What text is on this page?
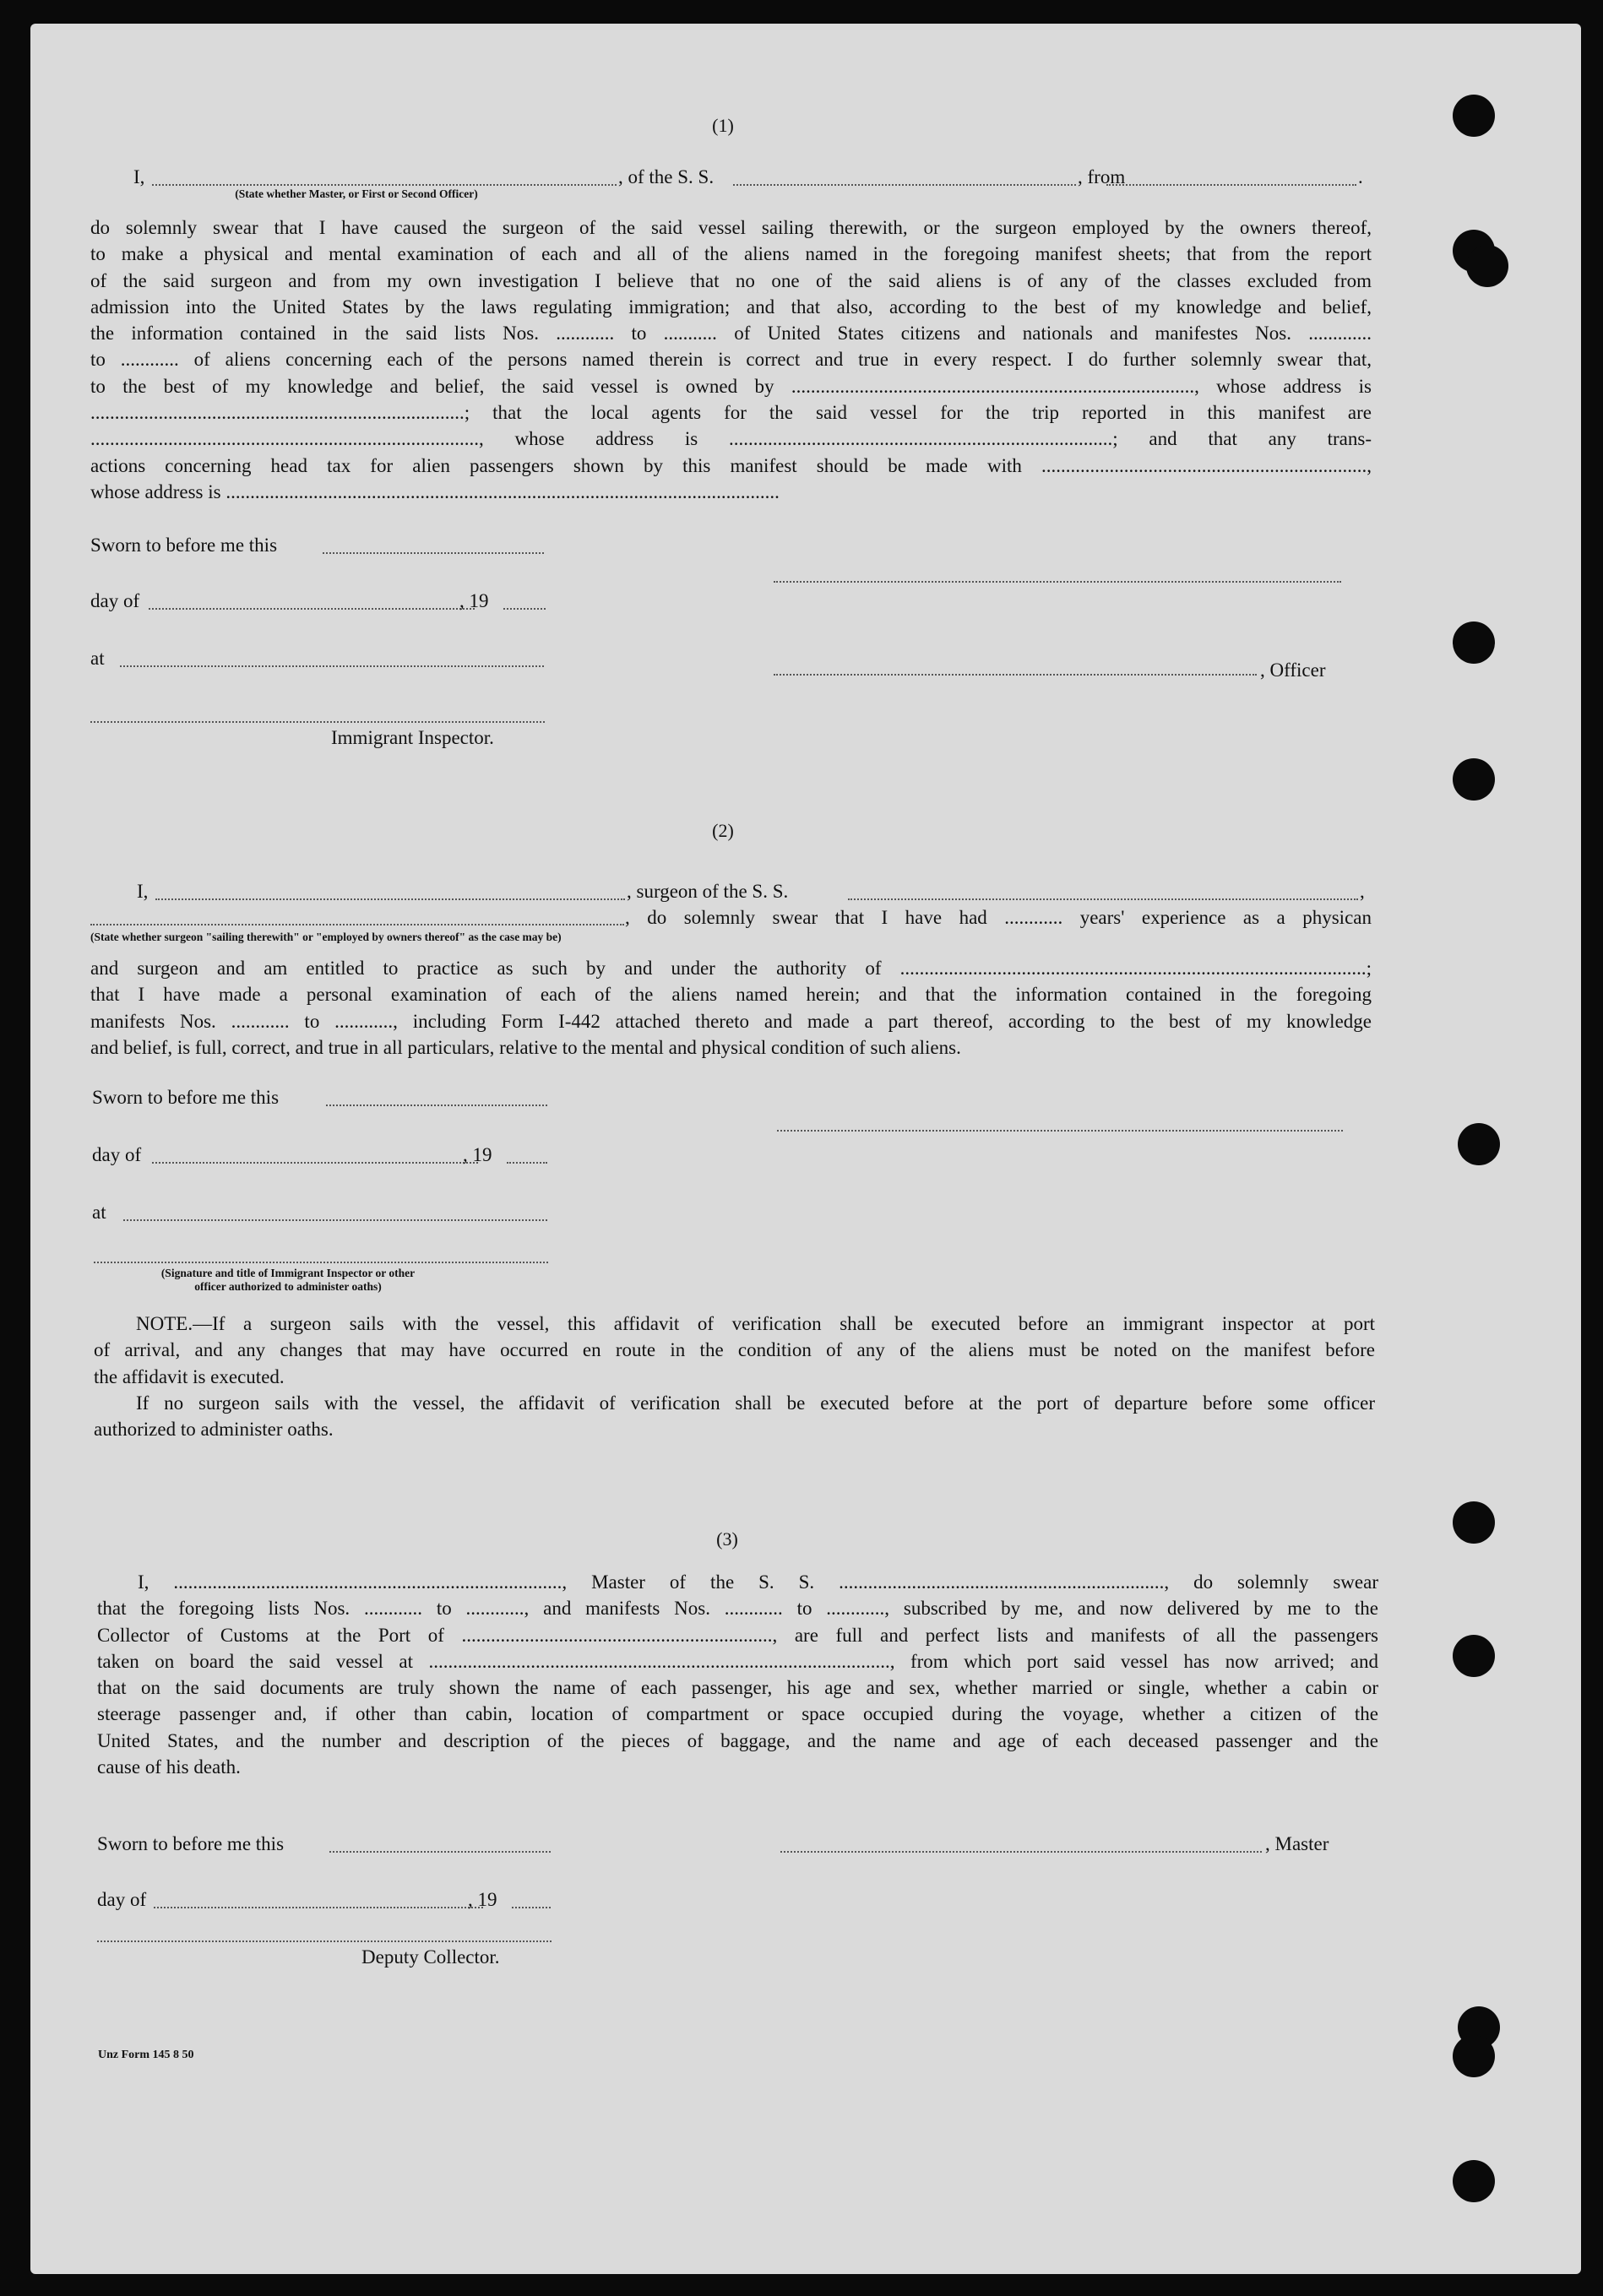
(1)
I,	, of the S. S.	, from	.
(State whether Master, or First or Second Officer)
do solemnly swear that I have caused the surgeon of the said vessel sailing therewith, or the surgeon employed by the owners thereof,
to make a physical and mental examination of each and all of the aliens named in the foregoing manifest sheets; that from the report
of the said surgeon and from my own investigation I believe that no one of the said aliens is of any of the classes excluded from
admission into the United States by the laws regulating immigration; and that also, according to the best of my knowledge and belief,
the information contained in the said lists Nos. ............ to ........... of United States citizens and nationals and manifestes Nos. .............
to ............ of aliens concerning each of the persons named therein is correct and true in every respect. I do further solemnly swear that,
to the best of my knowledge and belief, the said vessel is owned by ..................................................................................., whose address is
.............................................................................; that the local agents for the said vessel for the trip reported in this manifest are
................................................................................, whose address is ...............................................................................; and that any trans-
actions concerning head tax for alien passengers shown by this manifest should be made with ...................................................................,
whose address is ..................................................................................................................
Sworn to before me this
day of	, 19
at
, Officer
Immigrant Inspector.
(2)
I,	, surgeon of the S. S.	,
, do solemnly swear that I have had ............ years' experience as a physican
(State whether surgeon "sailing therewith" or "employed by owners thereof" as the case may be)
and surgeon and am entitled to practice as such by and under the authority of ................................................................................................;
that I have made a personal examination of each of the aliens named herein; and that the information contained in the foregoing
manifests Nos. ............ to ............, including Form I-442 attached thereto and made a part thereof, according to the best of my knowledge
and belief, is full, correct, and true in all particulars, relative to the mental and physical condition of such aliens.
Sworn to before me this
day of	, 19
at
(Signature and title of Immigrant Inspector or other
officer authorized to administer oaths)
NOTE.—If a surgeon sails with the vessel, this affidavit of verification shall be executed before an immigrant inspector at port
of arrival, and any changes that may have occurred en route in the condition of any of the aliens must be noted on the manifest before
the affidavit is executed.
If no surgeon sails with the vessel, the affidavit of verification shall be executed before at the port of departure before some officer
authorized to administer oaths.
(3)
I, ................................................................................, Master of the S. S. ..................................................................., do solemnly swear
that the foregoing lists Nos. ............ to ............, and manifests Nos. ............ to ............, subscribed by me, and now delivered by me to the
Collector of Customs at the Port of ................................................................, are full and perfect lists and manifests of all the passengers
taken on board the said vessel at ..............................................................................................., from which port said vessel has now arrived; and
that on the said documents are truly shown the name of each passenger, his age and sex, whether married or single, whether a cabin or
steerage passenger and, if other than cabin, location of compartment or space occupied during the voyage, whether a citizen of the
United States, and the number and description of the pieces of baggage, and the name and age of each deceased passenger and the
cause of his death.
Sworn to before me this	, Master
day of	, 19
Deputy Collector.
Unz Form 145 8 50
